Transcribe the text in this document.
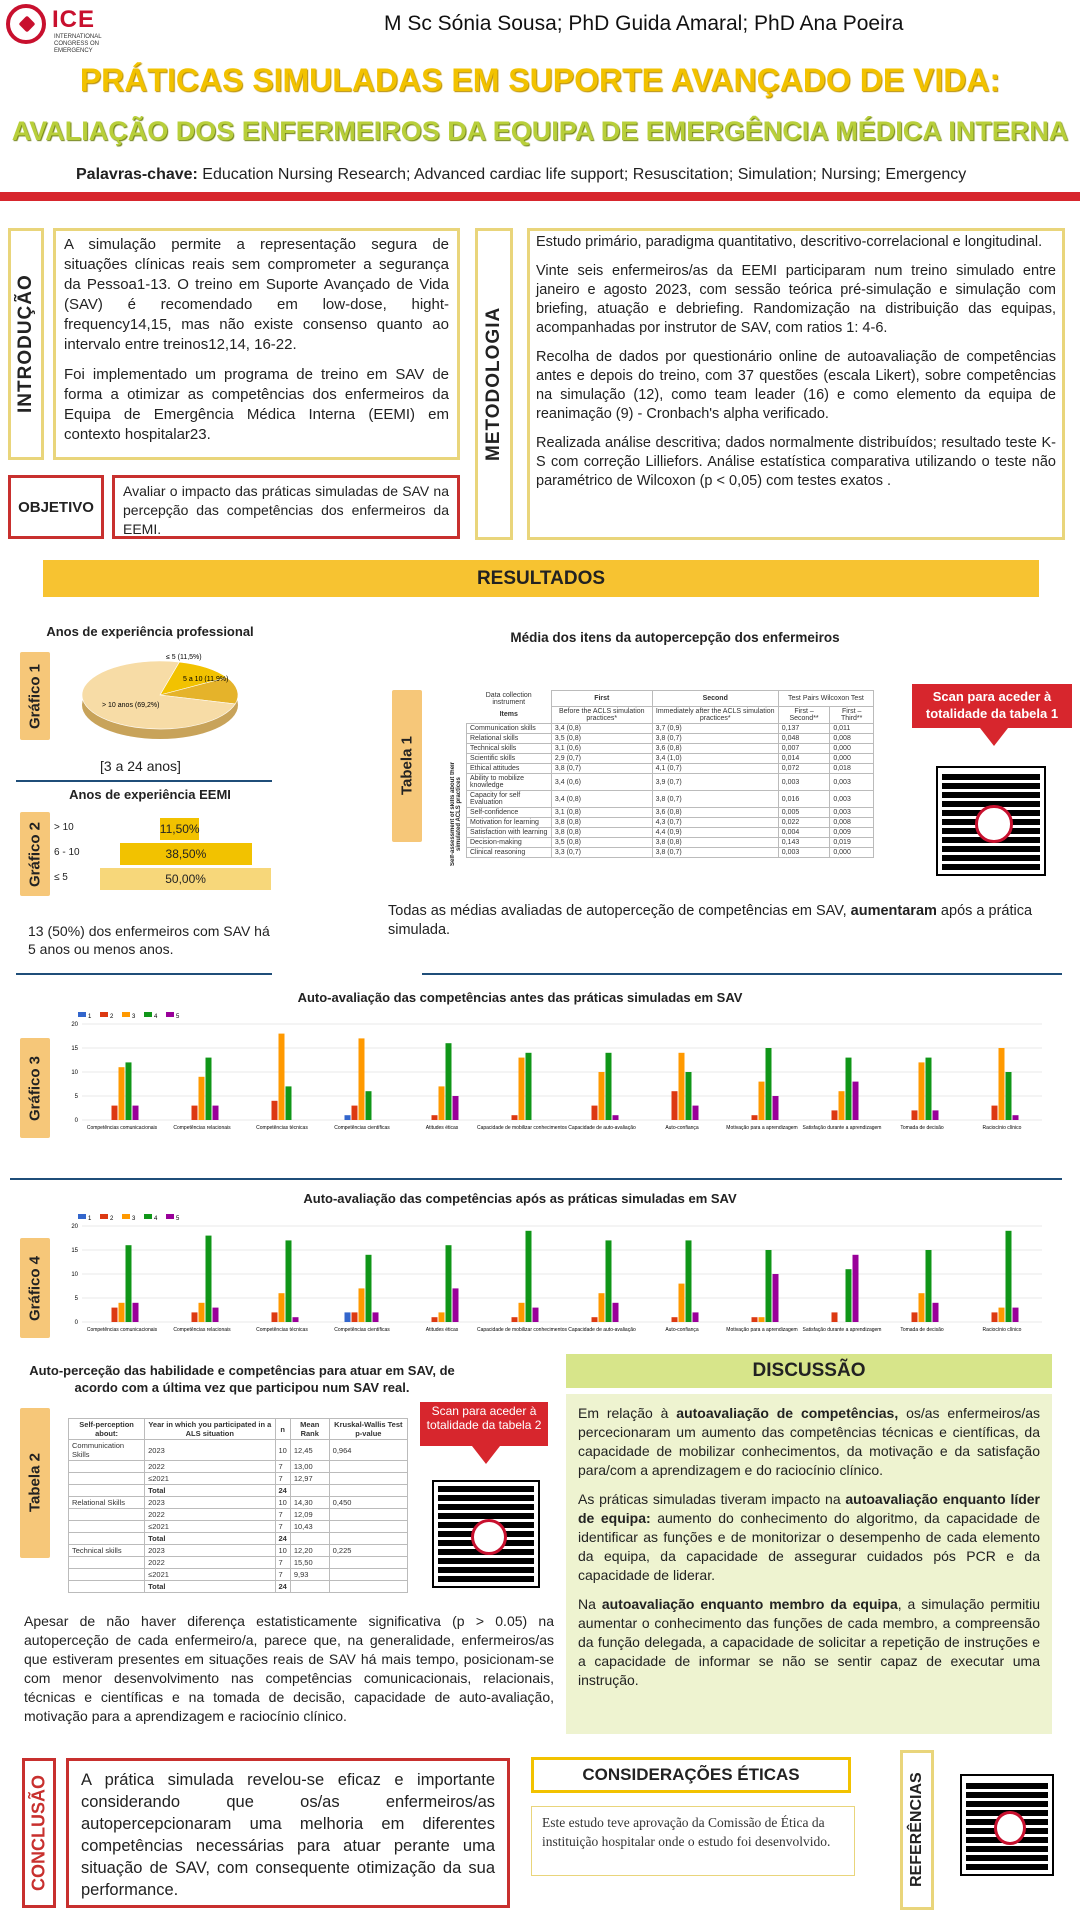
ICE
INTERNATIONAL CONGRESS ON EMERGENCY
M Sc Sónia Sousa; PhD Guida Amaral; PhD Ana Poeira
PRÁTICAS SIMULADAS EM SUPORTE AVANÇADO DE VIDA:
AVALIAÇÃO DOS ENFERMEIROS DA EQUIPA DE EMERGÊNCIA MÉDICA INTERNA
Palavras-chave: Education Nursing Research; Advanced cardiac life support; Resuscitation; Simulation; Nursing; Emergency
INTRODUÇÃO

A simulação permite a representação segura de situações clínicas reais sem comprometer a segurança da Pessoa1-13. O treino em Suporte Avançado de Vida (SAV) é recomendado em low-dose, hight-frequency14,15, mas não existe consenso quanto ao intervalo entre treinos12,14, 16-22.

Foi implementado um programa de treino em SAV de forma a otimizar as competências dos enfermeiros da Equipa de Emergência Médica Interna (EEMI) em contexto hospitalar23.

OBJETIVO

Avaliar o impacto das práticas simuladas de SAV na percepção das competências dos enfermeiros da EEMI.

METODOLOGIA

Estudo primário, paradigma quantitativo, descritivo-correlacional e longitudinal.

Vinte seis enfermeiros/as da EEMI participaram num treino simulado entre janeiro e agosto 2023, com sessão teórica pré-simulação e simulação com briefing, atuação e debriefing. Randomização na distribuição das equipas, acompanhadas por instrutor de SAV, com ratios 1: 4-6.

Recolha de dados por questionário online de autoavaliação de competências antes e depois do treino, com 37 questões (escala Likert), sobre competências na simulação (12), como team leader (16) e como elemento da equipa de reanimação (9) - Cronbach's alpha verificado.

Realizada análise descritiva; dados normalmente distribuídos; resultado teste K-S com correção Lilliefors. Análise estatística comparativa utilizando o teste não paramétrico de Wilcoxon (p < 0,05) com testes exatos .

RESULTADOS
Gráfico 1
Anos de experiência professional
≤ 5 (11,5%)
5 a 10 (11,9%)
> 10 anos (69,2%)
[3 a 24 anos]
Anos de experiência EEMI
Gráfico 2	11,50%
> 10
38,50%
6 - 10
50,00%
≤ 5
13 (50%) dos enfermeiros com SAV há 5 anos ou menos anos.
Média dos itens da autopercepção dos enfermeiros
Tabela 1	Self-assessment of skills about their simulated ACLS practices
Data collection instrument	First	Second	Test Pairs Wilcoxon Test	
Items	Before the ACLS simulation practices*	Immediately after the ACLS simulation practices*	First – Second**	First – Third**
Communication skills	3,4 (0,8)	3,7 (0,9)	0,137	0,011
Relational skills	3,5 (0,8)	3,8 (0,7)	0,048	0,008
Technical skills	3,1 (0,6)	3,6 (0,8)	0,007	0,000
Scientific skills	2,9 (0,7)	3,4 (1,0)	0,014	0,000
Ethical attitudes	3,8 (0,7)	4,1 (0,7)	0,072	0,018
Ability to mobilize knowledge	3,4 (0,6)	3,9 (0,7)	0,003	0,003
Capacity for self Evaluation	3,4 (0,8)	3,8 (0,7)	0,016	0,003
Self-confidence	3,1 (0,8)	3,6 (0,8)	0,005	0,003
Motivation for learning	3,8 (0,8)	4,3 (0,7)	0,022	0,008
Satisfaction with learning	3,8 (0,8)	4,4 (0,9)	0,004	0,009
Decision-making	3,5 (0,8)	3,8 (0,8)	0,143	0,019
Clinical reasoning	3,3 (0,7)	3,8 (0,7)	0,003	0,000
Scan para aceder à totalidade da tabela 1
Todas as médias avaliadas de autoperceção de competências em SAV, aumentaram após a prática simulada.
Auto-avaliação das competências antes das práticas simuladas em SAV
Gráfico 3
1	2	3	4	5
0
5
10
15
20
Competências comunicacionais	Competências relacionais	Competências técnicas	Competências científicas	Atitudes éticas	Capacidade de mobilizar conhecimentos Capacidade de auto-avaliação	Auto-confiança	Motivação para a aprendizagem Satisfação durante a aprendizagem	Tomada de decisão	Raciocínio clínico
Auto-avaliação das competências após as práticas simuladas em SAV
Gráfico 4
1	2	3	4	5
0
5
10
15
20
Competências comunicacionais	Competências relacionais	Competências técnicas	Competências científicas	Atitudes éticas	Capacidade de mobilizar conhecimentos Capacidade de auto-avaliação	Auto-confiança	Motivação para a aprendizagem Satisfação durante a aprendizagem	Tomada de decisão	Raciocínio clínico
Auto-perceção das habilidade e competências para atuar em SAV, de acordo com a última vez que participou num SAV real.
Tabela 2
Self-perception about:	Year in which you participated in a ALS situation	n	Mean Rank	Kruskal-Wallis Test p-value
Communication Skills	2023	10	12,45	0,964
	2022	7	13,00	
	≤2021	7	12,97	
	Total	24		
Relational Skills	2023	10	14,30	0,450
	2022	7	12,09	
	≤2021	7	10,43	
	Total	24		
Technical skills	2023	10	12,20	0,225
	2022	7	15,50	
	≤2021	7	9,93	
	Total	24		
Scan para aceder à totalidade da tabela 2
Apesar de não haver diferença estatisticamente significativa (p > 0.05) na autoperceção de cada enfermeiro/a, parece que, na generalidade, enfermeiros/as que estiveram presentes em situações reais de SAV há mais tempo, posicionam-se com menor desenvolvimento nas competências comunicacionais, relacionais, técnicas e científicas e na tomada de decisão, capacidade de auto-avaliação, motivação para a aprendizagem e raciocínio clínico.
DISCUSSÃO

Em relação à autoavaliação de competências, os/as enfermeiros/as percecionaram um aumento das competências técnicas e científicas, da capacidade de mobilizar conhecimentos, da motivação e da satisfação para/com a aprendizagem e do raciocínio clínico.

As práticas simuladas tiveram impacto na autoavaliação enquanto líder de equipa: aumento do conhecimento do algoritmo, da capacidade de identificar as funções e de monitorizar o desempenho de cada elemento da equipa, da capacidade de assegurar cuidados pós PCR e da capacidade de liderar.

Na autoavaliação enquanto membro da equipa, a simulação permitiu aumentar o conhecimento das funções de cada membro, a compreensão da função delegada, a capacidade de solicitar a repetição de instruções e a capacidade de informar se não se sentir capaz de executar uma instrução.

CONCLUSÃO A prática simulada revelou-se eficaz e importante considerando que os/as enfermeiros/as autopercepcionaram uma melhoria em diferentes competências necessárias para atuar perante uma situação de SAV, com consequente otimização da sua performance.

CONSIDERAÇÕES ÉTICAS

Este estudo teve aprovação da Comissão de Ética da instituição hospitalar onde o estudo foi desenvolvido.	REFERÊNCIAS
